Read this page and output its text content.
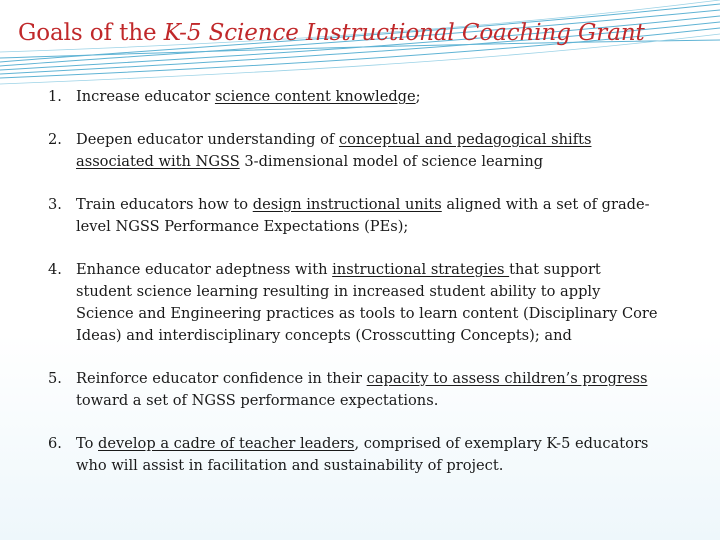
Goals of the K-5 Science Instructional Coaching Grant
1. Increase educator science content knowledge;
2. Deepen educator understanding of conceptual and pedagogical shifts associated with NGSS 3-dimensional model of science learning
3. Train educators how to design instructional units aligned with a set of grade-level NGSS Performance Expectations (PEs);
4. Enhance educator adeptness with instructional strategies that support student science learning resulting in increased student ability to apply Science and Engineering practices as tools to learn content (Disciplinary Core Ideas) and interdisciplinary concepts (Crosscutting Concepts); and
5. Reinforce educator confidence in their capacity to assess children’s progress toward a set of NGSS performance expectations.
6. To develop a cadre of teacher leaders, comprised of exemplary K-5 educators who will assist in facilitation and sustainability of project.
